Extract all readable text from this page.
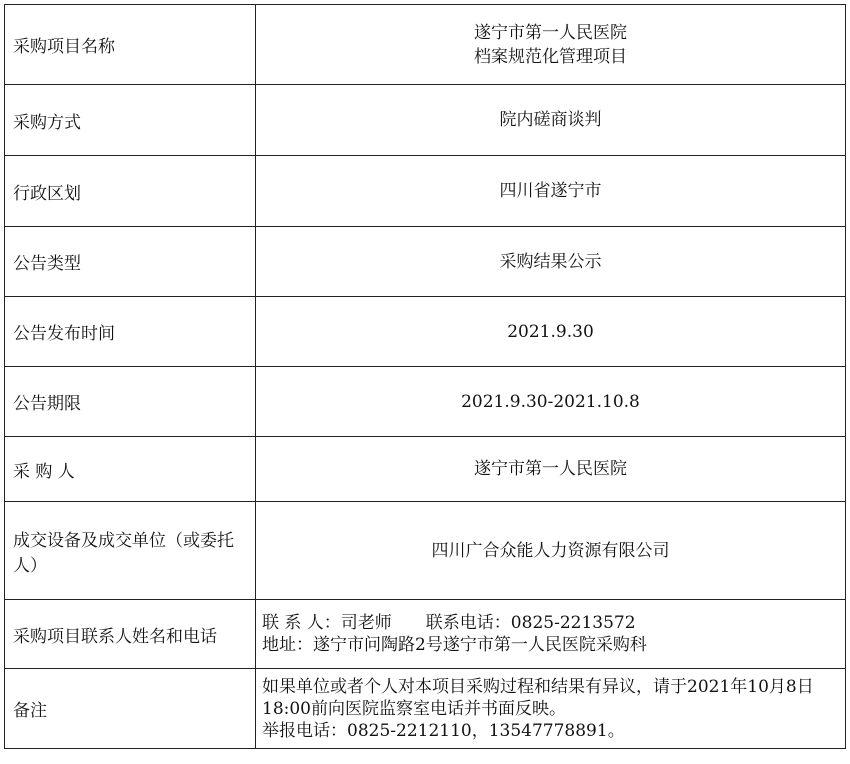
采购项目名称	遂宁市第一人民医院
档案规范化管理项目

采购方式	院内磋商谈判
行政区划	四川省遂宁市
公告类型	采购结果公示
公告发布时间	2021.9.30
公告期限	2021.9.30-2021.10.8
采 购 人	遂宁市第一人民医院
成交设备及成交单位（或委托人）	四川广合众能人力资源有限公司
采购项目联系人姓名和电话	联 系 人：司老师　　联系电话：0825-2213572
地址：遂宁市问陶路2号遂宁市第一人民医院采购科

备注	如果单位或者个人对本项目采购过程和结果有异议，请于2021年10月8日18:00前向医院监察室电话并书面反映。
举报电话：0825-2212110，13547778891。
